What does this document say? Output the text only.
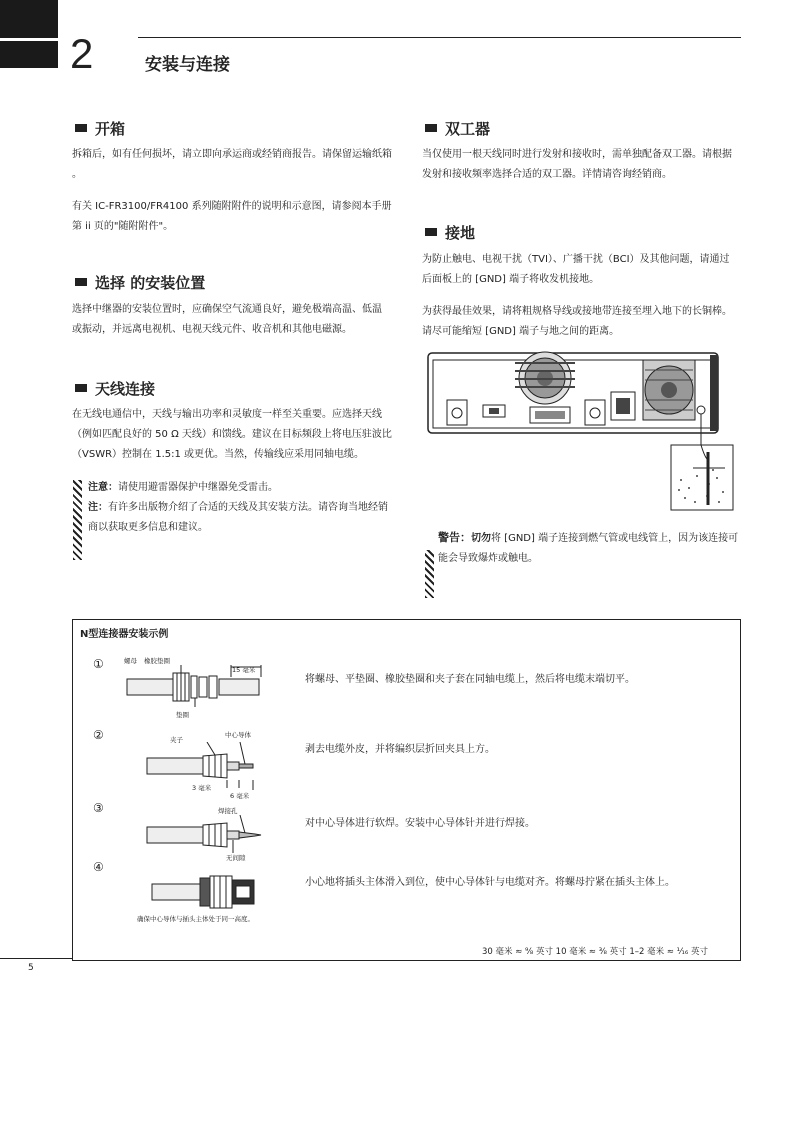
2	安装与连接
开箱
拆箱后，如有任何损坏，请立即向承运商或经销商报告。请保留运输纸箱
。
有关 IC-FR3100/FR4100 系列随附附件的说明和示意图，请参阅本手册
第 ii 页的"随附附件"。
选择 的安装位置
选择中继器的安装位置时，应确保空气流通良好，避免极端高温、低温
或振动，并远离电视机、电视天线元件、收音机和其他电磁源。
天线连接
在无线电通信中，天线与输出功率和灵敏度一样至关重要。应选择天线
（例如匹配良好的 50 Ω 天线）和馈线。建议在目标频段上将电压驻波比
（VSWR）控制在 1.5:1 或更优。当然，传输线应采用同轴电缆。
注意：请使用避雷器保护中继器免受雷击。
注：有许多出版物介绍了合适的天线及其安装方法。请咨询当地经销
商以获取更多信息和建议。
双工器
当仅使用一根天线同时进行发射和接收时，需单独配备双工器。请根据
发射和接收频率选择合适的双工器。详情请咨询经销商。
接地
为防止触电、电视干扰（TVI）、广播干扰（BCI）及其他问题，请通过
后面板上的 [GND] 端子将收发机接地。
为获得最佳效果，请将粗规格导线或接地带连接至埋入地下的长铜棒。
请尽可能缩短 [GND] 端子与地之间的距离。
警告：切勿将 [GND] 端子连接到燃气管或电线管上，因为该连接可
能会导致爆炸或触电。
N型连接器安装示例
①	螺母 橡胶垫圈
15 毫米
垫圈
将螺母、平垫圈、橡胶垫圈和夹子套在同轴电缆上，然后将电缆末端切平。
②	夹子
中心导体
3 毫米
6 毫米
剥去电缆外皮，并将编织层折回夹具上方。
③	焊接孔
无间隙
对中心导体进行软焊。安装中心导体针并进行焊接。
④
确保中心导体与插头主体处于同一高度。
小心地将插头主体滑入到位，使中心导体针与电缆对齐。将螺母拧紧在插头主体上。
30 毫米 ≈ ⁹⁄₈ 英寸 10 毫米 ≈ ³⁄₈ 英寸 1–2 毫米 ≈ ¹⁄₁₆ 英寸
5
